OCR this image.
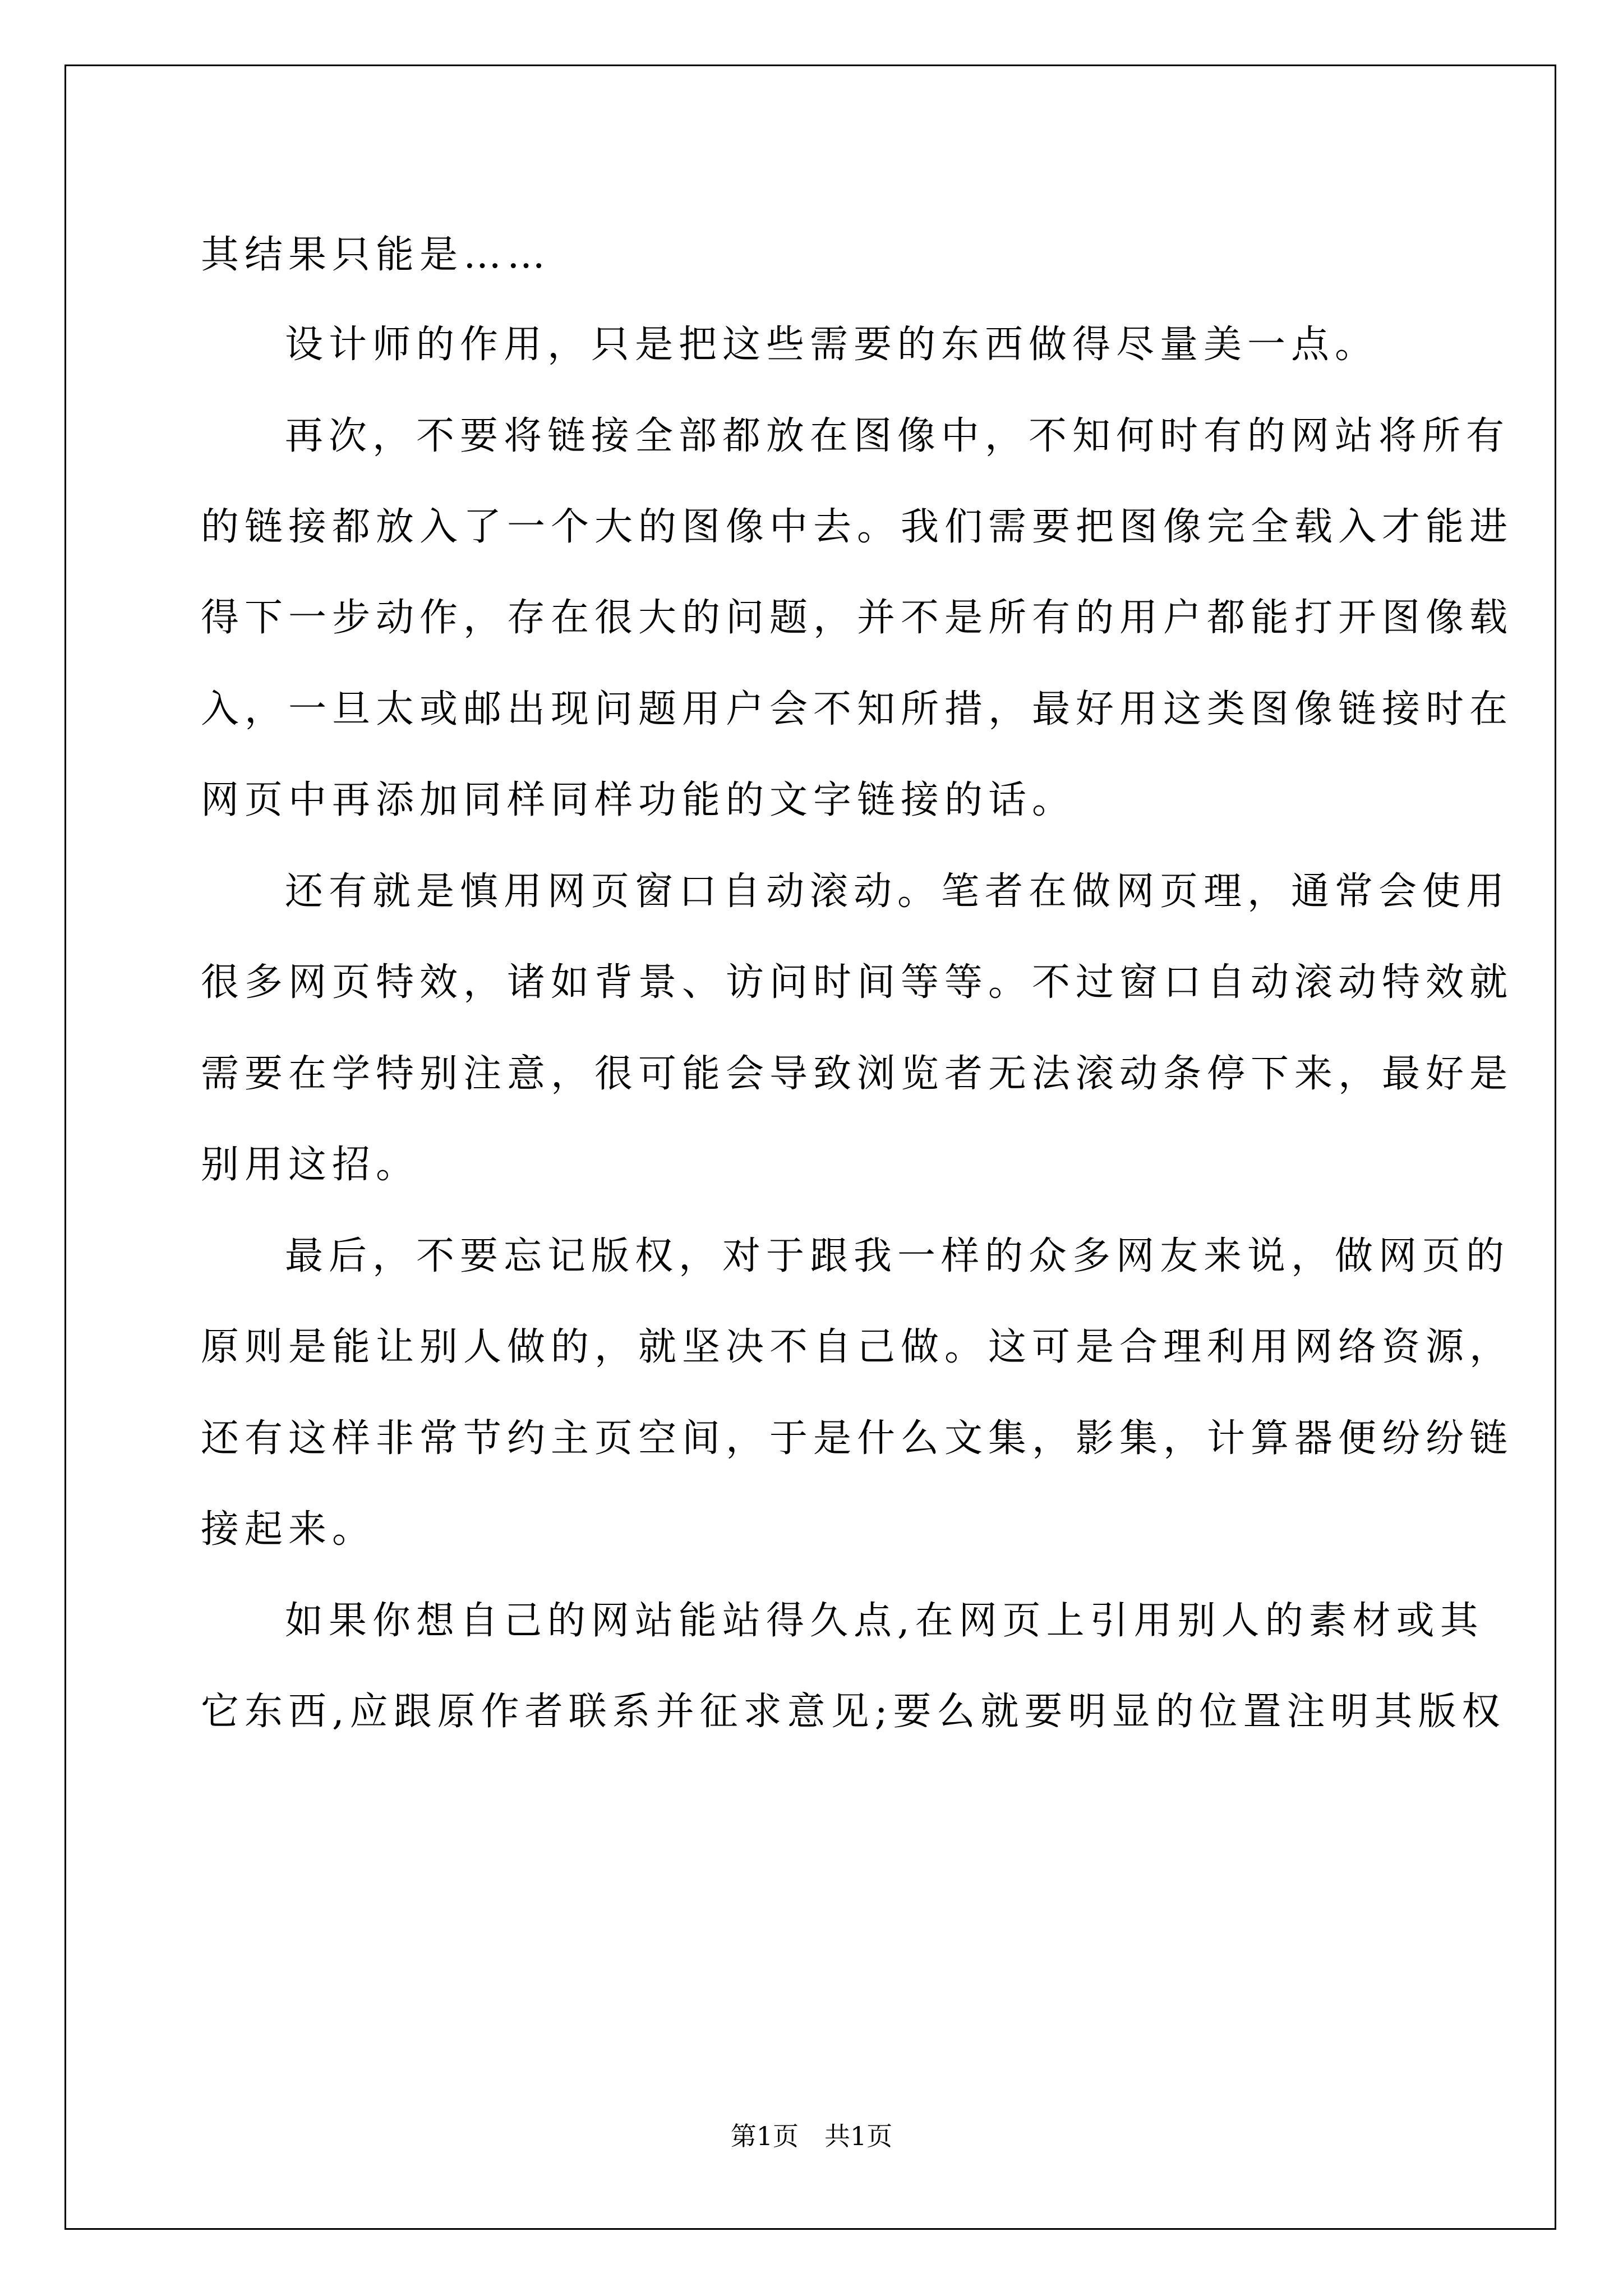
其结果只能是……
设计师的作用，只是把这些需要的东西做得尽量美一点。
再次，不要将链接全部都放在图像中，不知何时有的网站将所有
的链接都放入了一个大的图像中去。我们需要把图像完全载入才能进
得下一步动作，存在很大的问题，并不是所有的用户都能打开图像载
入，一旦太或邮出现问题用户会不知所措，最好用这类图像链接时在
网页中再添加同样同样功能的文字链接的话。
还有就是慎用网页窗口自动滚动。笔者在做网页理，通常会使用
很多网页特效，诸如背景、访问时间等等。不过窗口自动滚动特效就
需要在学特别注意，很可能会导致浏览者无法滚动条停下来，最好是
别用这招。
最后，不要忘记版权，对于跟我一样的众多网友来说，做网页的
原则是能让别人做的，就坚决不自己做。这可是合理利用网络资源，
还有这样非常节约主页空间，于是什么文集，影集，计算器便纷纷链
接起来。
如果你想自己的网站能站得久点,在网页上引用别人的素材或其
它东西,应跟原作者联系并征求意见;要么就要明显的位置注明其版权
第1页　共1页
